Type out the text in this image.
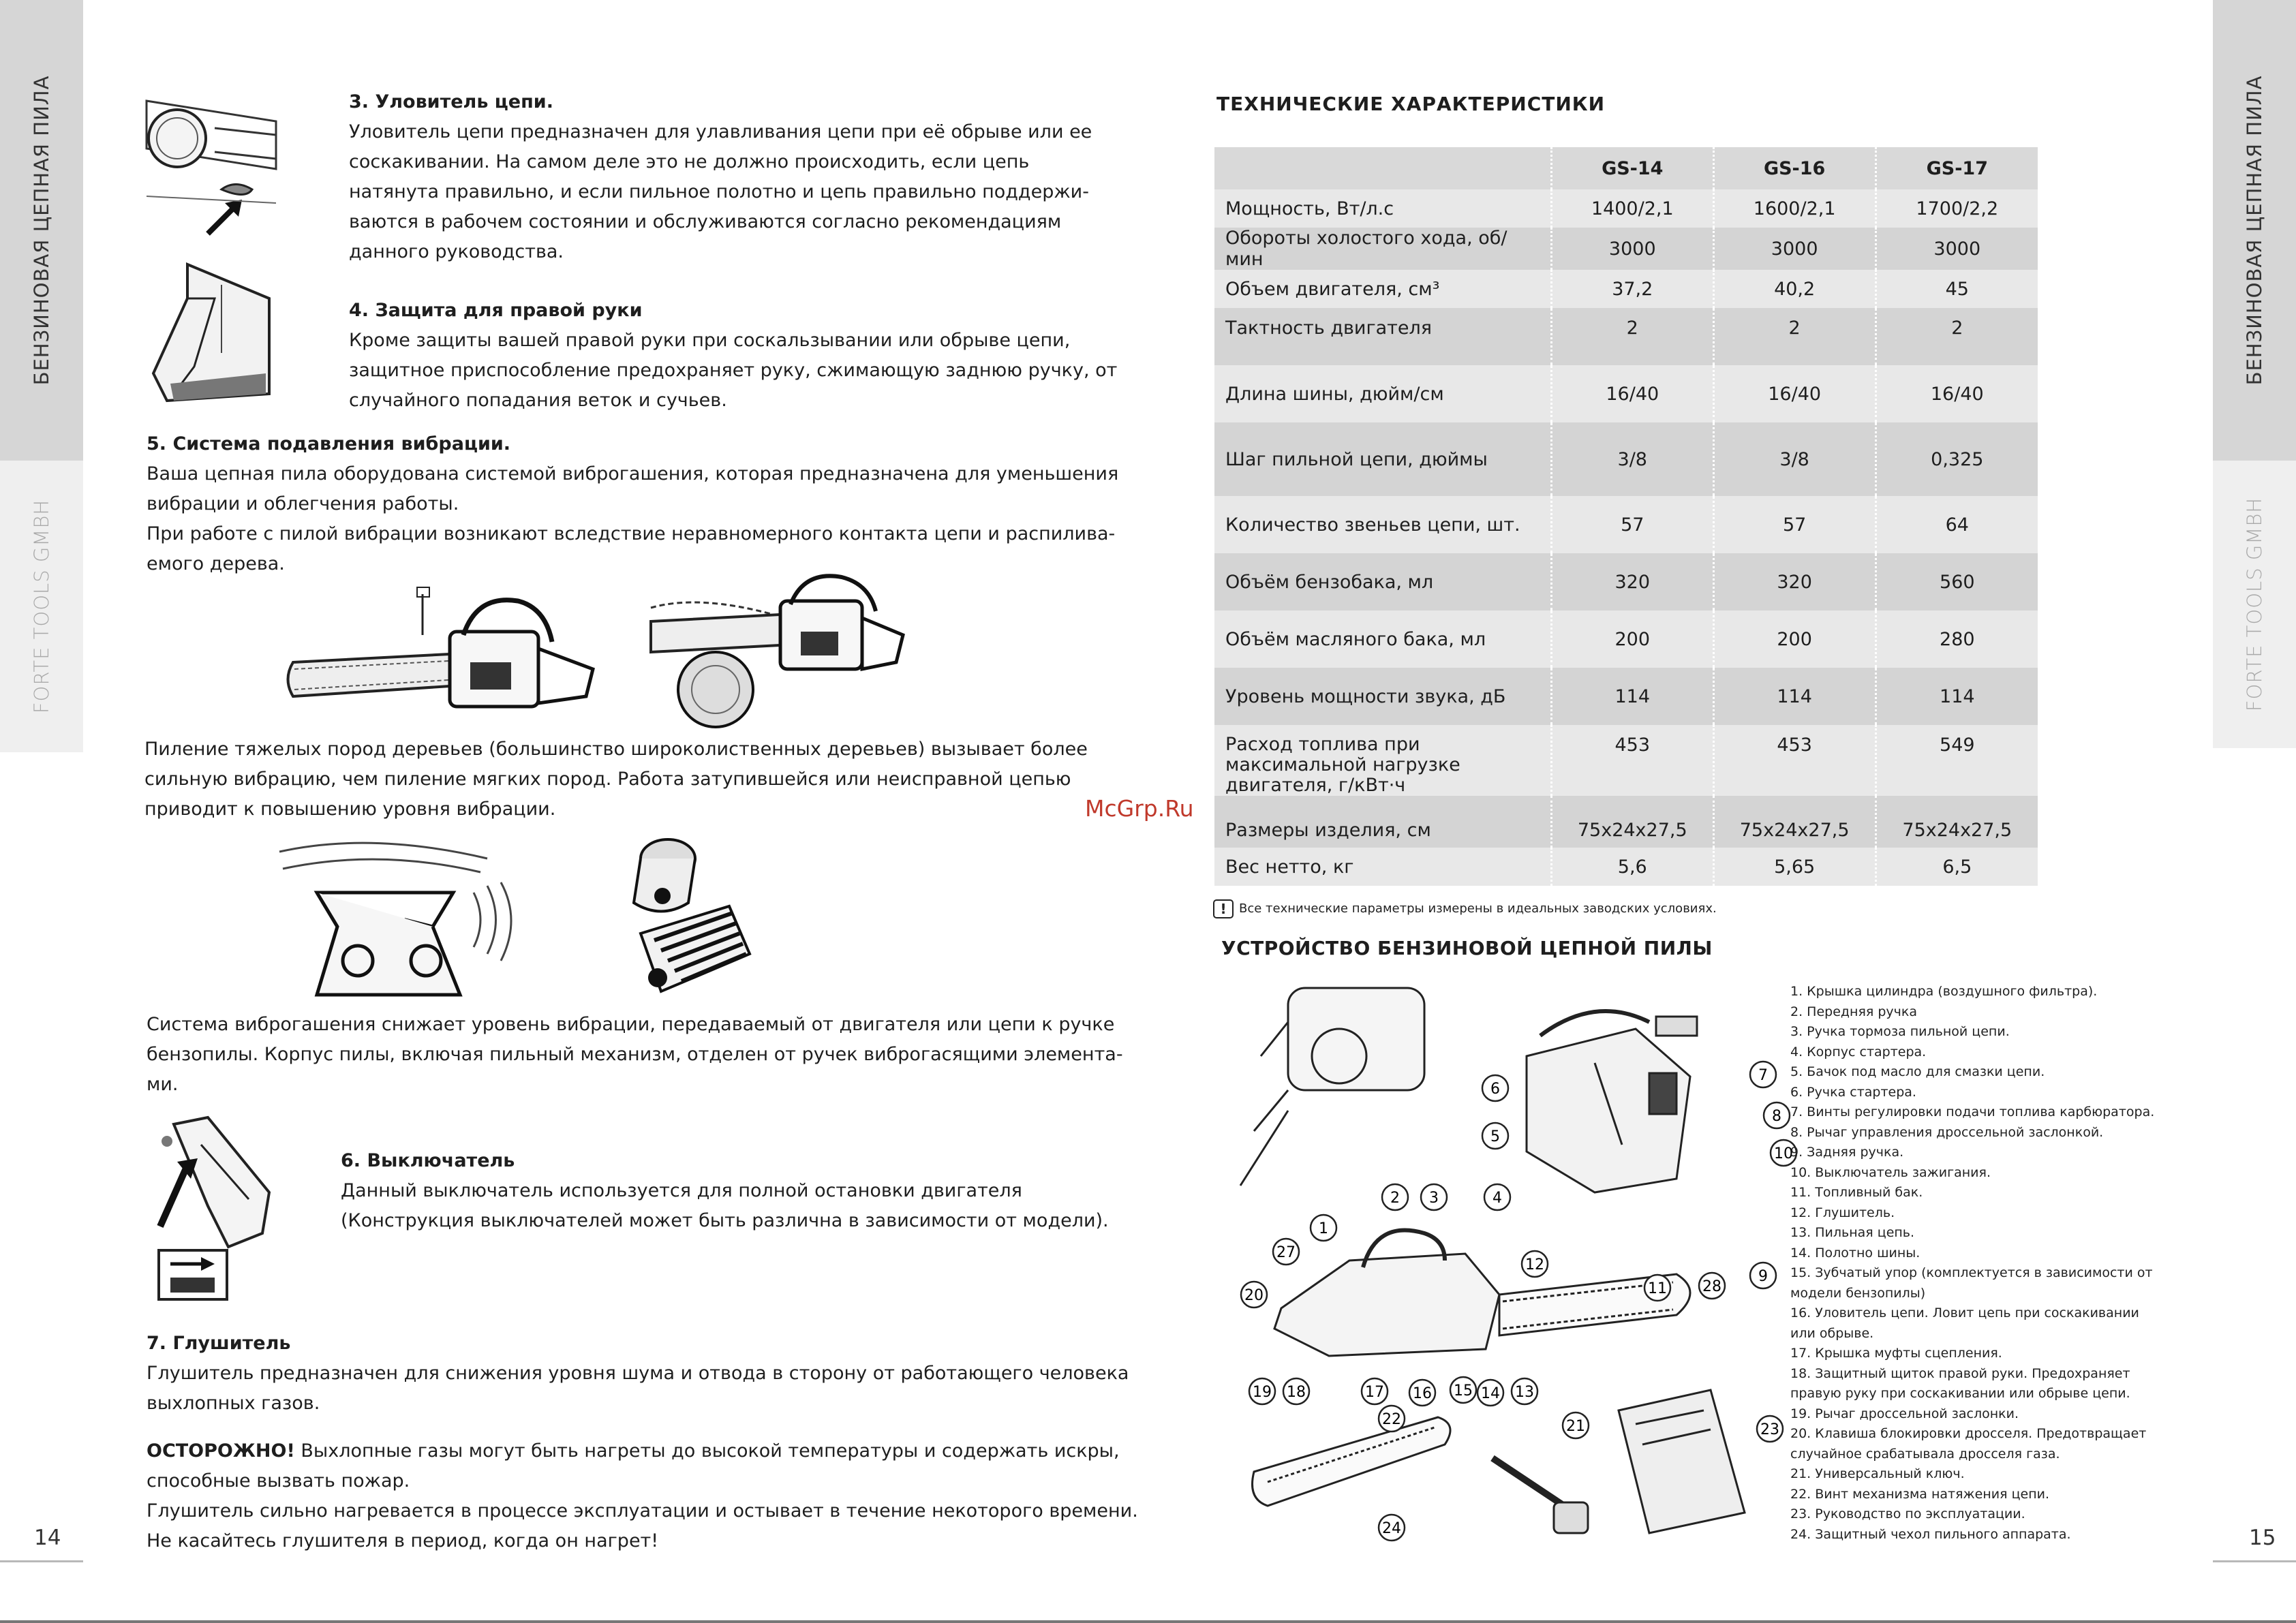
БЕНЗИНОВАЯ ЦЕПНАЯ ПИЛА
FORTE TOOLS GMBH
БЕНЗИНОВАЯ ЦЕПНАЯ ПИЛА
FORTE TOOLS GMBH
14	15
3. Уловитель цепи.
Уловитель цепи предназначен для улавливания цепи при её обрыве или ее
соскакивании. На самом деле это не должно происходить, если цепь
натянута правильно, и если пильное полотно и цепь правильно поддержи-
ваются в рабочем состоянии и обслуживаются согласно рекомендациям
данного руководства.
4. Защита для правой руки
Кроме защиты вашей правой руки при соскальзывании или обрыве цепи,
защитное приспособление предохраняет руку, сжимающую заднюю ручку, от
случайного попадания веток и сучьев.
5. Система подавления вибрации.
Ваша цепная пила оборудована системой виброгашения, которая предназначена для уменьшения
вибрации и облегчения работы.
При работе с пилой вибрации возникают вследствие неравномерного контакта цепи и распилива-
емого дерева.
Пиление тяжелых пород деревьев (большинство широколиственных деревьев) вызывает более
сильную вибрацию, чем пиление мягких пород. Работа затупившейся или неисправной цепью
приводит к повышению уровня вибрации.
Система виброгашения снижает уровень вибрации, передаваемый от двигателя или цепи к ручке
бензопилы. Корпус пилы, включая пильный механизм, отделен от ручек виброгасящими элемента-
ми.
6. Выключатель
Данный выключатель используется для полной остановки двигателя
(Конструкция выключателей может быть различна в зависимости от модели).
7. Глушитель
Глушитель предназначен для снижения уровня шума и отвода в сторону от работающего человека
выхлопных газов.
ОСТОРОЖНО! Выхлопные газы могут быть нагреты до высокой температуры и содержать искры,
способные вызвать пожар.
Глушитель сильно нагревается в процессе эксплуатации и остывает в течение некоторого времени.
Не касайтесь глушителя в период, когда он нагрет!
ТЕХНИЧЕСКИЕ ХАРАКТЕРИСТИКИ
	GS-14	GS-16	GS-17
Мощность, Вт/л.с	1400/2,1	1600/2,1	1700/2,2
Обороты холостого хода, об/мин	3000	3000	3000
Объем двигателя, см³	37,2	40,2	45
Тактность двигателя	2	2	2
Длина шины, дюйм/см	16/40	16/40	16/40
Шаг пильной цепи, дюймы	3/8	3/8	0,325
Количество звеньев цепи, шт.	57	57	64
Объём бензобака, мл	320	320	560
Объём масляного бака, мл	200	200	280
Уровень мощности звука, дБ	114	114	114
Расход топлива при максимальной нагрузке двигателя, г/кВт·ч	453	453	549
Размеры изделия, см	75x24x27,5	75x24x27,5	75x24x27,5
Вес нетто, кг	5,6	5,65	6,5
McGrp.Ru
! Все технические параметры измерены в идеальных заводских условиях.
УСТРОЙСТВО БЕНЗИНОВОЙ ЦЕПНОЙ ПИЛЫ
1
2 3	4
5
6
7
8
9
10
11
12
13
14
15
16
17
18
19
20
21
22
23
24
27
28
1. Крышка цилиндра (воздушного фильтра).
2. Передняя ручка
3. Ручка тормоза пильной цепи.
4. Корпус стартера.
5. Бачок под масло для смазки цепи.
6. Ручка стартера.
7. Винты регулировки подачи топлива карбюратора.
8. Рычаг управления дроссельной заслонкой.
9. Задняя ручка.
10. Выключатель зажигания.
11. Топливный бак.
12. Глушитель.
13. Пильная цепь.
14. Полотно шины.
15. Зубчатый упор (комплектуется в зависимости от
модели бензопилы)
16. Уловитель цепи. Ловит цепь при соскакивании
или обрыве.
17. Крышка муфты сцепления.
18. Защитный щиток правой руки. Предохраняет
правую руку при соскакивании или обрыве цепи.
19. Рычаг дроссельной заслонки.
20. Клавиша блокировки дросселя. Предотвращает
случайное срабатывала дросселя газа.
21. Универсальный ключ.
22. Винт механизма натяжения цепи.
23. Руководство по эксплуатации.
24. Защитный чехол пильного аппарата.
